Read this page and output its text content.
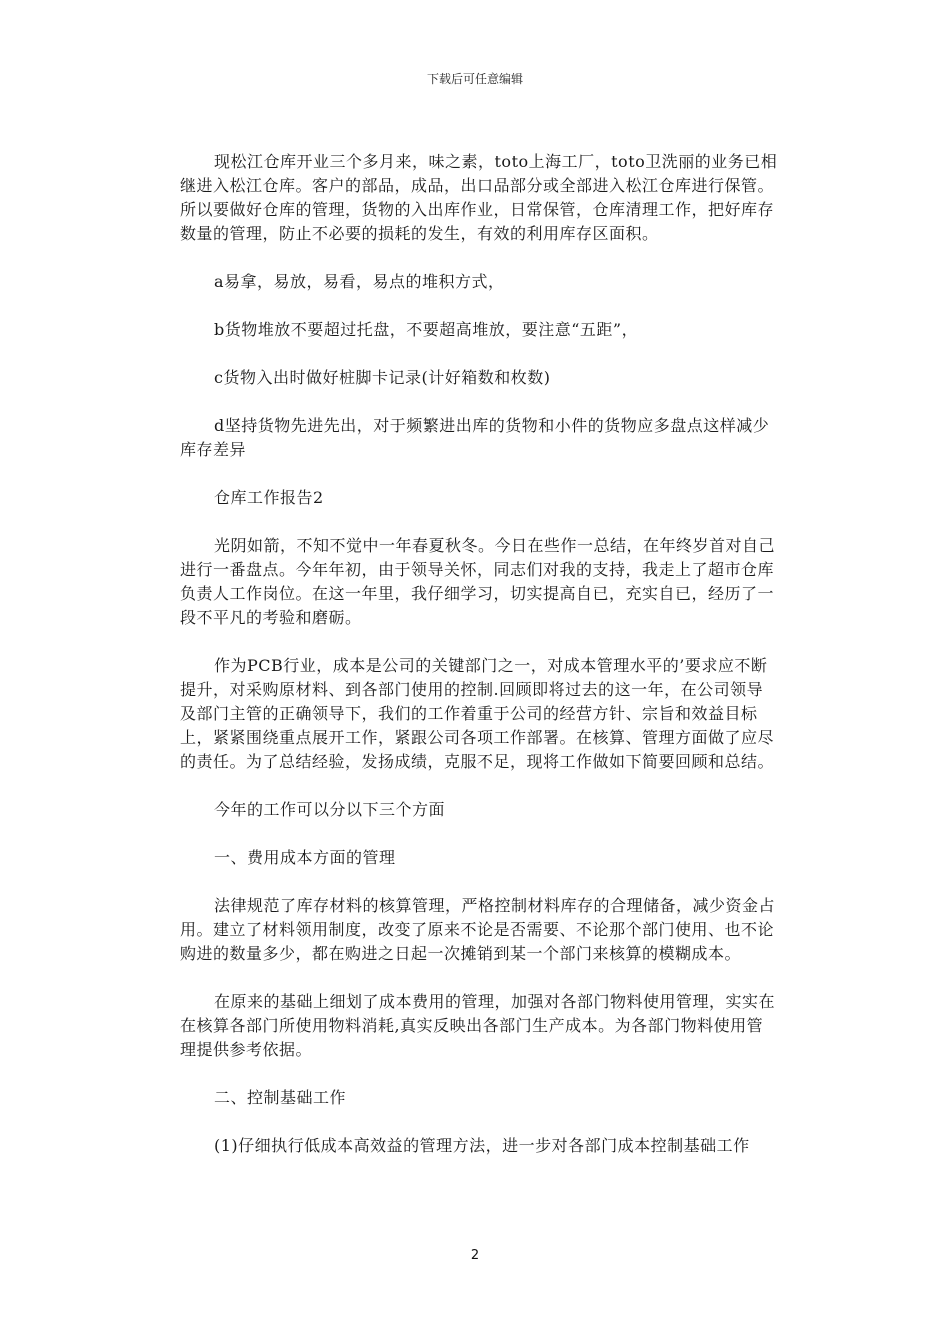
下载后可任意编辑

现松江仓库开业三个多月来，味之素，toto上海工厂，toto卫洗丽的业务已相继进入松江仓库。客户的部品，成品，出口品部分或全部进入松江仓库进行保管。所以要做好仓库的管理，货物的入出库作业，日常保管，仓库清理工作，把好库存数量的管理，防止不必要的损耗的发生，有效的利用库存区面积。

a易拿，易放，易看，易点的堆积方式，

b货物堆放不要超过托盘，不要超高堆放，要注意“五距”，

c货物入出时做好桩脚卡记录(计好箱数和枚数)

d坚持货物先进先出，对于频繁进出库的货物和小件的货物应多盘点这样减少库存差异

仓库工作报告2

光阴如箭，不知不觉中一年春夏秋冬。今日在些作一总结，在年终岁首对自己进行一番盘点。今年年初，由于领导关怀，同志们对我的支持，我走上了超市仓库负责人工作岗位。在这一年里，我仔细学习，切实提高自已，充实自已，经历了一段不平凡的考验和磨砺。

作为PCB行业，成本是公司的关键部门之一，对成本管理水平的’要求应不断提升，对采购原材料、到各部门使用的控制.回顾即将过去的这一年，在公司领导及部门主管的正确领导下，我们的工作着重于公司的经营方针、宗旨和效益目标上，紧紧围绕重点展开工作，紧跟公司各项工作部署。在核算、管理方面做了应尽的责任。为了总结经验，发扬成绩，克服不足，现将工作做如下简要回顾和总结。

今年的工作可以分以下三个方面

一、费用成本方面的管理

法律规范了库存材料的核算管理，严格控制材料库存的合理储备，减少资金占用。建立了材料领用制度，改变了原来不论是否需要、不论那个部门使用、也不论购进的数量多少，都在购进之日起一次摊销到某一个部门来核算的模糊成本。

在原来的基础上细划了成本费用的管理，加强对各部门物料使用管理，实实在在核算各部门所使用物料消耗,真实反映出各部门生产成本。为各部门物料使用管理提供参考依据。

二、控制基础工作

(1)仔细执行低成本高效益的管理方法，进一步对各部门成本控制基础工作

2
